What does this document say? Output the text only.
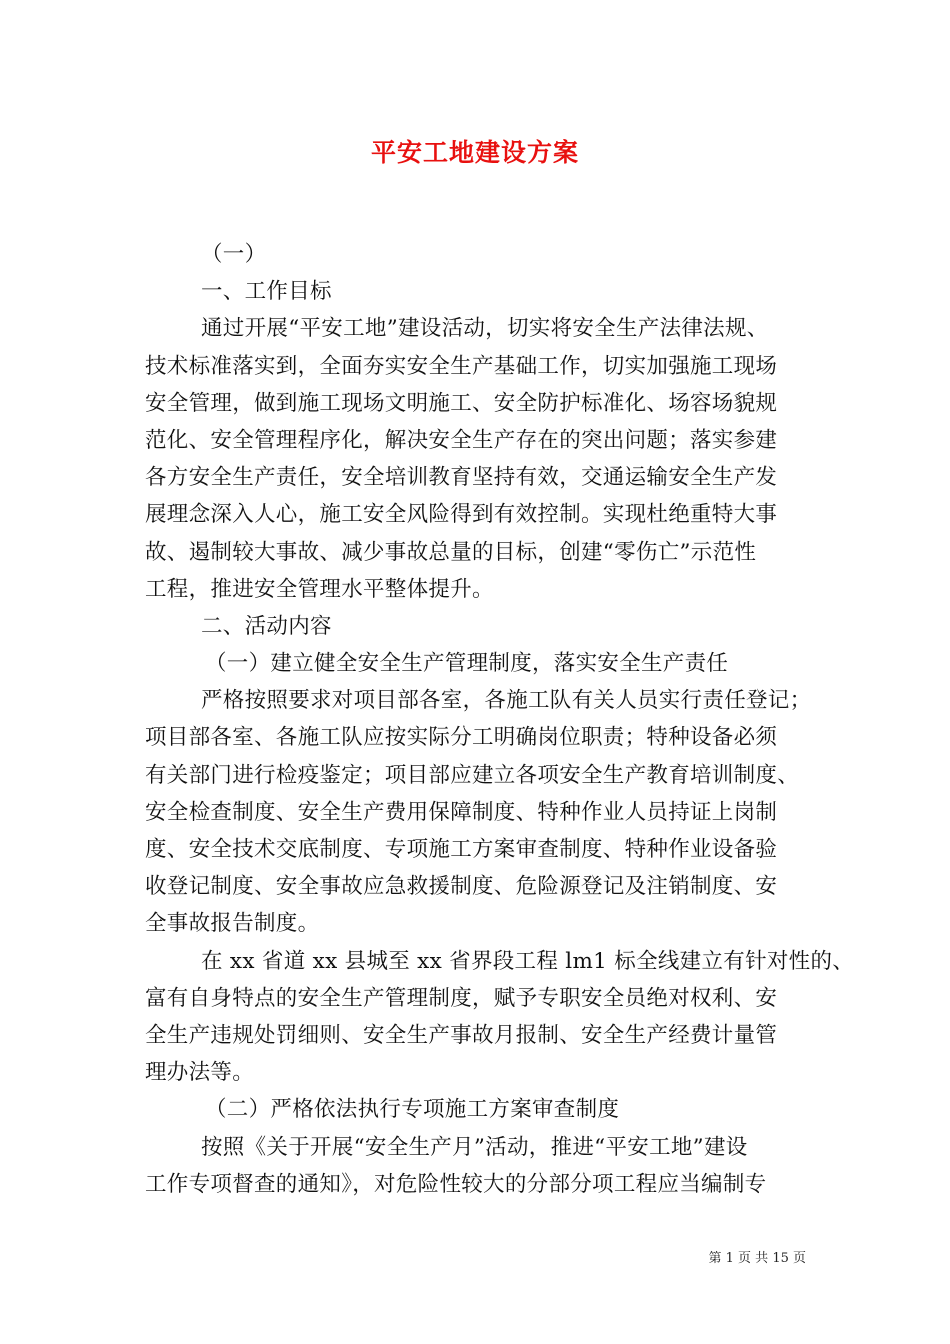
平安工地建设方案
（一）
一、工作目标
通过开展“平安工地”建设活动，切实将安全生产法律法规、
技术标准落实到，全面夯实安全生产基础工作，切实加强施工现场
安全管理，做到施工现场文明施工、安全防护标准化、场容场貌规
范化、安全管理程序化，解决安全生产存在的突出问题；落实参建
各方安全生产责任，安全培训教育坚持有效，交通运输安全生产发
展理念深入人心，施工安全风险得到有效控制。实现杜绝重特大事
故、遏制较大事故、减少事故总量的目标，创建“零伤亡”示范性
工程，推进安全管理水平整体提升。
二、活动内容
（一）建立健全安全生产管理制度，落实安全生产责任
严格按照要求对项目部各室，各施工队有关人员实行责任登记；
项目部各室、各施工队应按实际分工明确岗位职责；特种设备必须
有关部门进行检疫鉴定；项目部应建立各项安全生产教育培训制度、
安全检查制度、安全生产费用保障制度、特种作业人员持证上岗制
度、安全技术交底制度、专项施工方案审查制度、特种作业设备验
收登记制度、安全事故应急救援制度、危险源登记及注销制度、安
全事故报告制度。
在 xx 省道 xx 县城至 xx 省界段工程 lm1 标全线建立有针对性的、
富有自身特点的安全生产管理制度，赋予专职安全员绝对权利、安
全生产违规处罚细则、安全生产事故月报制、安全生产经费计量管
理办法等。
（二）严格依法执行专项施工方案审查制度
按照《关于开展“安全生产月”活动，推进“平安工地”建设
工作专项督查的通知》，对危险性较大的分部分项工程应当编制专
第 1 页 共 15 页
